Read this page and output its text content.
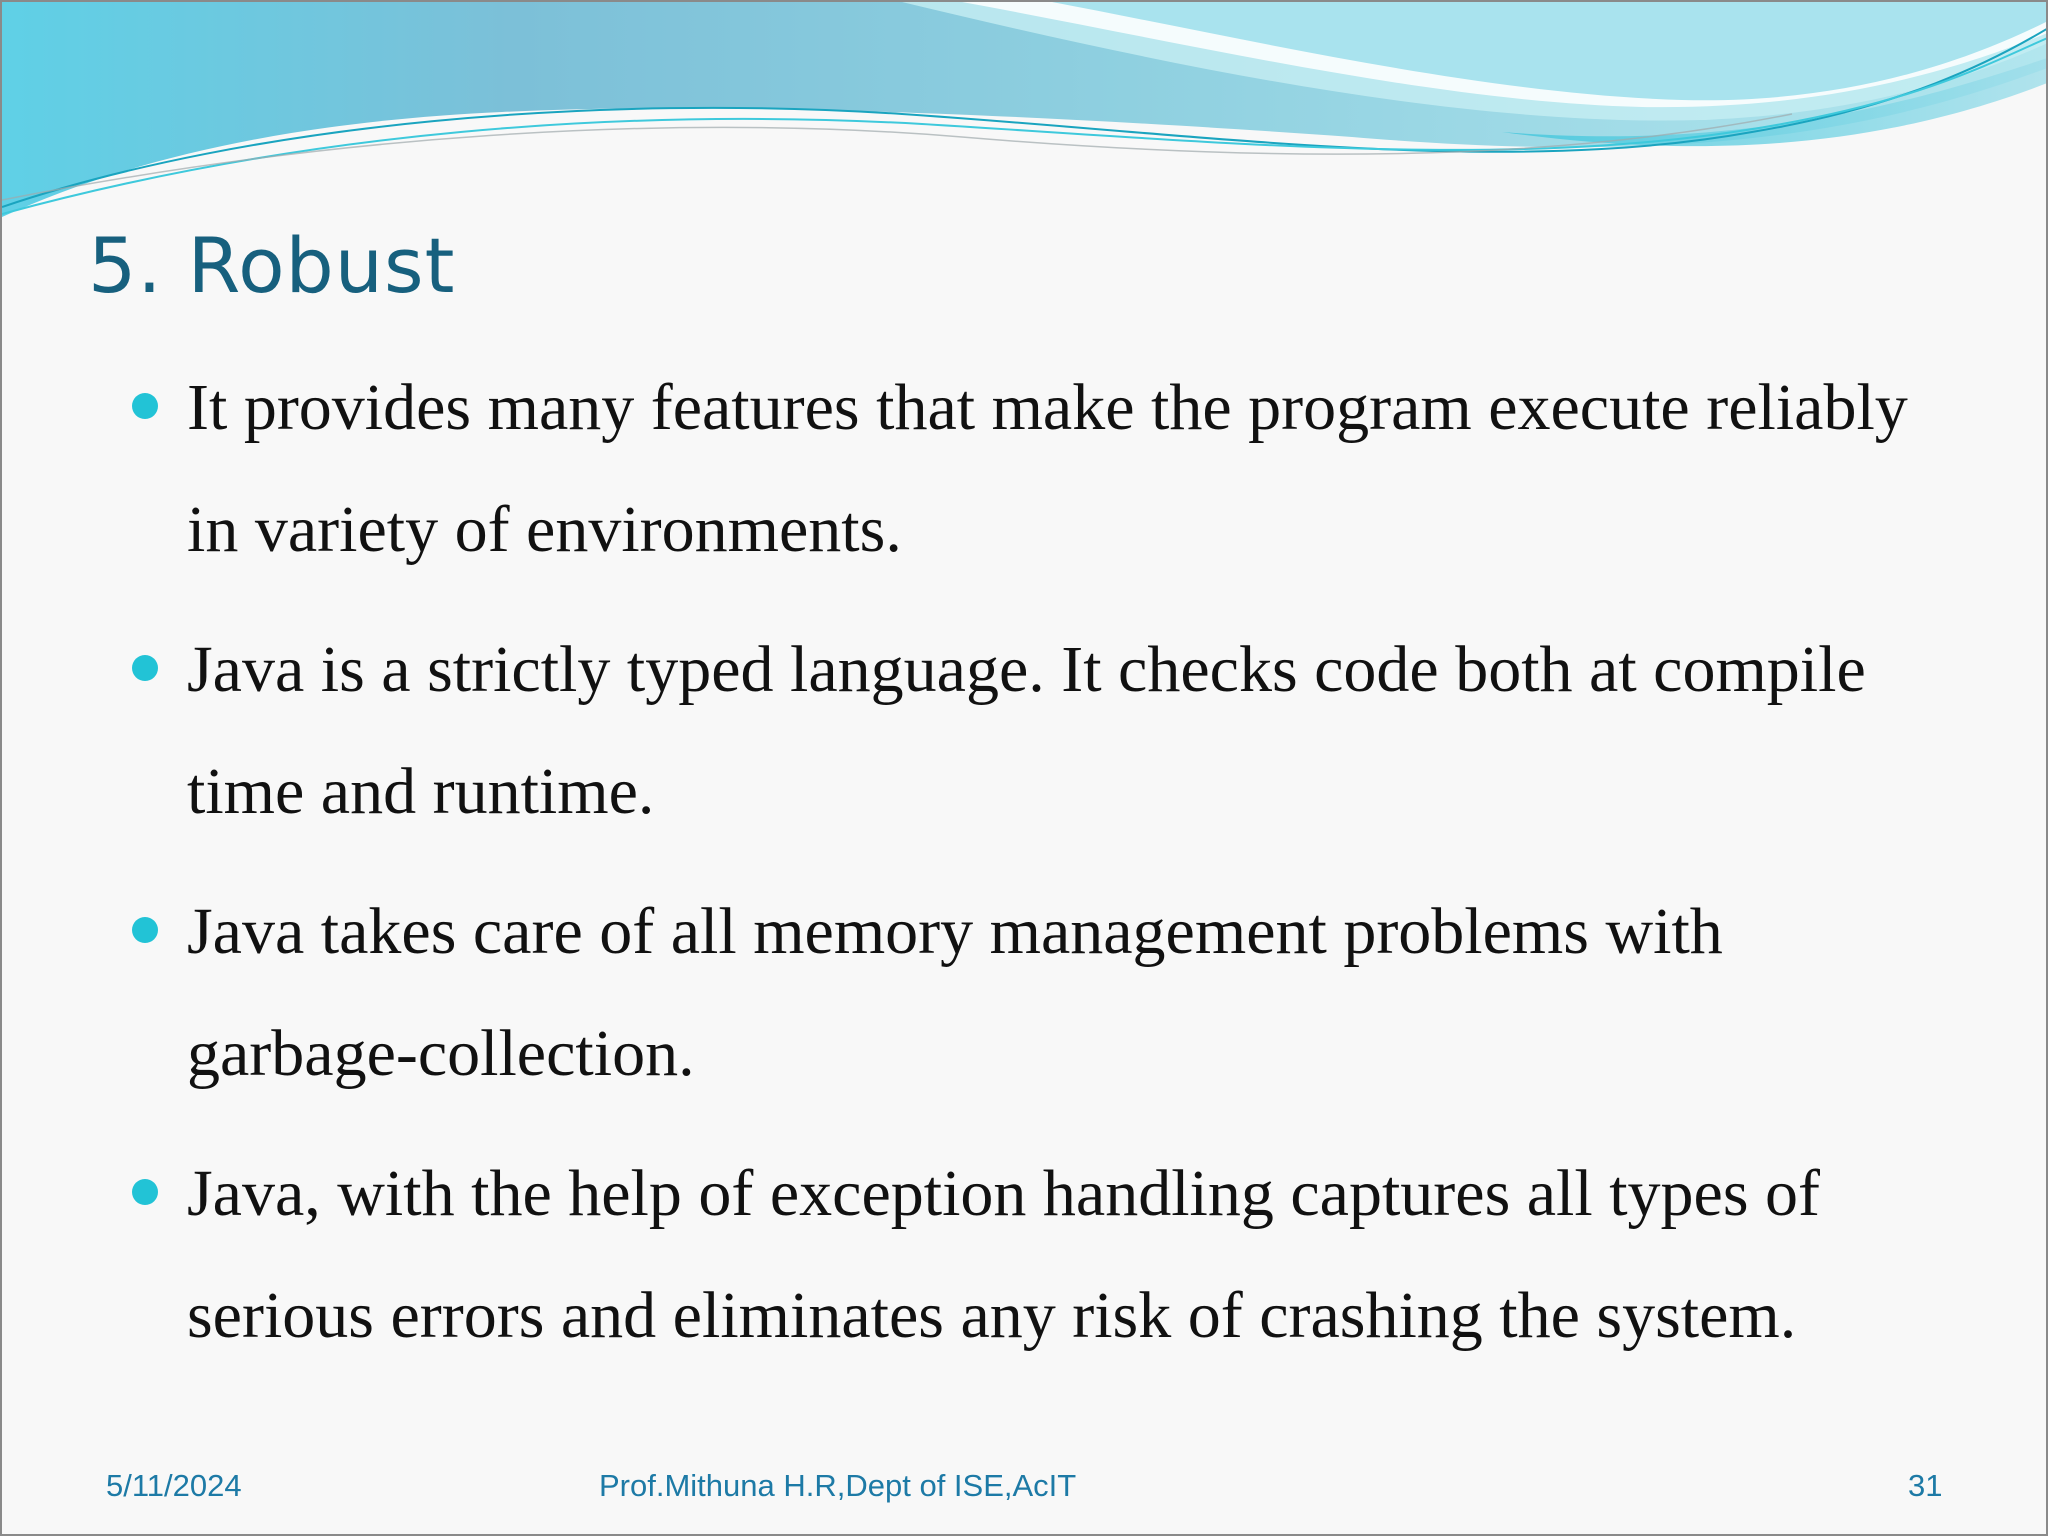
5. Robust
It provides many features that make the program execute reliably in variety of environments.
Java is a strictly typed language. It checks code both at compile time and runtime.
Java takes care of all memory management problems with garbage-collection.
Java, with the help of exception handling captures all types of serious errors and eliminates any risk of crashing the system.
5/11/2024	Prof.Mithuna H.R,Dept of ISE,AcIT	31
